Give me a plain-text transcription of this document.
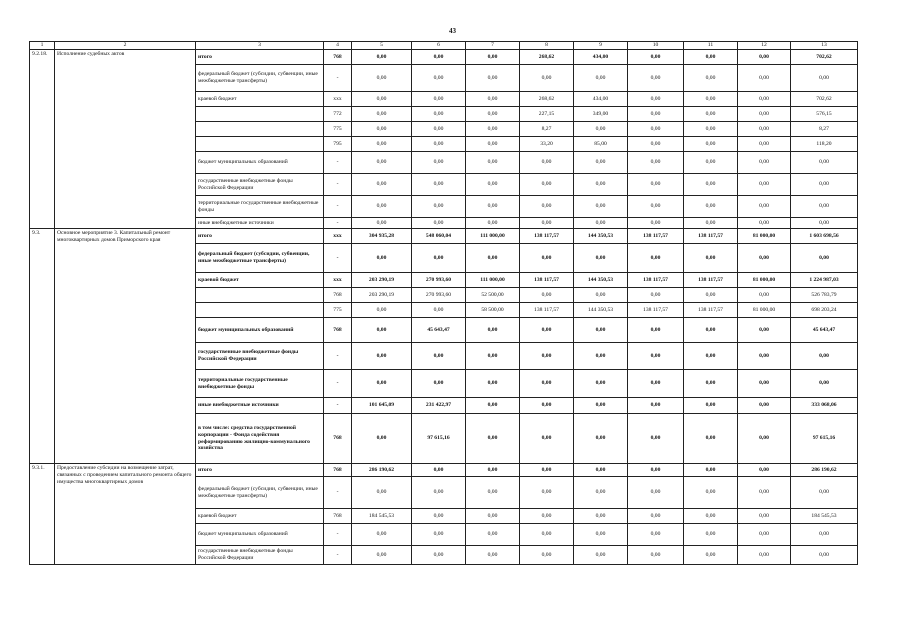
43
1	2	3	4	5	6	7	8	9	10	11	12	13
9.2.18.	Исполнение судебных актов	итого	768	0,00	0,00	0,00	268,62	434,00	0,00	0,00	0,00	702,62
		федеральный бюджет (субсидии, субвенции, иные межбюджетные трансферты)	-	0,00	0,00	0,00	0,00	0,00	0,00	0,00	0,00	0,00
		краевой бюджет	xxx	0,00	0,00	0,00	268,62	434,00	0,00	0,00	0,00	702,62
			772	0,00	0,00	0,00	227,15	349,00	0,00	0,00	0,00	576,15
			775	0,00	0,00	0,00	8,27	0,00	0,00	0,00	0,00	8,27
			795	0,00	0,00	0,00	33,20	85,00	0,00	0,00	0,00	118,20
		бюджет муниципальных образований	-	0,00	0,00	0,00	0,00	0,00	0,00	0,00	0,00	0,00
		государственные внебюджетные фонды Российской Федерации	-	0,00	0,00	0,00	0,00	0,00	0,00	0,00	0,00	0,00
		территориальные государственные внебюджетные фонды	-	0,00	0,00	0,00	0,00	0,00	0,00	0,00	0,00	0,00
		иные внебюджетные источники	-	0,00	0,00	0,00	0,00	0,00	0,00	0,00	0,00	0,00
9.3.	Основное мероприятие 3. Капитальный ремонт многоквартирных домов Приморского края	итого	xxx	304 935,28	548 060,04	111 000,00	138 117,57	144 350,53	138 117,57	138 117,57	81 000,00	1 603 698,56
		федеральный бюджет (субсидии, субвенции, иные межбюджетные трансферты)	-	0,00	0,00	0,00	0,00	0,00	0,00	0,00	0,00	0,00
		краевой бюджет	xxx	203 290,19	270 993,60	111 000,00	138 117,57	144 350,53	138 117,57	138 117,57	81 000,00	1 224 987,03
			768	203 290,19	270 993,60	52 500,00	0,00	0,00	0,00	0,00	0,00	526 783,79
			775	0,00	0,00	58 500,00	138 117,57	144 350,53	138 117,57	138 117,57	81 000,00	698 203,24
		бюджет муниципальных образований	768	0,00	45 643,47	0,00	0,00	0,00	0,00	0,00	0,00	45 643,47
		государственные внебюджетные фонды Российской Федерации	-	0,00	0,00	0,00	0,00	0,00	0,00	0,00	0,00	0,00
		территориальные государственные внебюджетные фонды	-	0,00	0,00	0,00	0,00	0,00	0,00	0,00	0,00	0,00
		иные внебюджетные источники	-	101 645,09	231 422,97	0,00	0,00	0,00	0,00	0,00	0,00	333 068,06
		в том числе: средства государственной корпорации - Фонда содействия реформированию жилищно-коммунального хозяйства	768	0,00	97 615,16	0,00	0,00	0,00	0,00	0,00	0,00	97 615,16
9.3.1.	Предоставление субсидии на возмещение затрат, связанных с проведением капитального ремонта общего имущества многоквартирных домов	итого	768	286 190,62	0,00	0,00	0,00	0,00	0,00	0,00	0,00	286 190,62
		федеральный бюджет (субсидии, субвенции, иные межбюджетные трансферты)	-	0,00	0,00	0,00	0,00	0,00	0,00	0,00	0,00	0,00
		краевой бюджет	768	184 545,53	0,00	0,00	0,00	0,00	0,00	0,00	0,00	184 545,53
		бюджет муниципальных образований	-	0,00	0,00	0,00	0,00	0,00	0,00	0,00	0,00	0,00
		государственные внебюджетные фонды Российской Федерации	-	0,00	0,00	0,00	0,00	0,00	0,00	0,00	0,00	0,00
